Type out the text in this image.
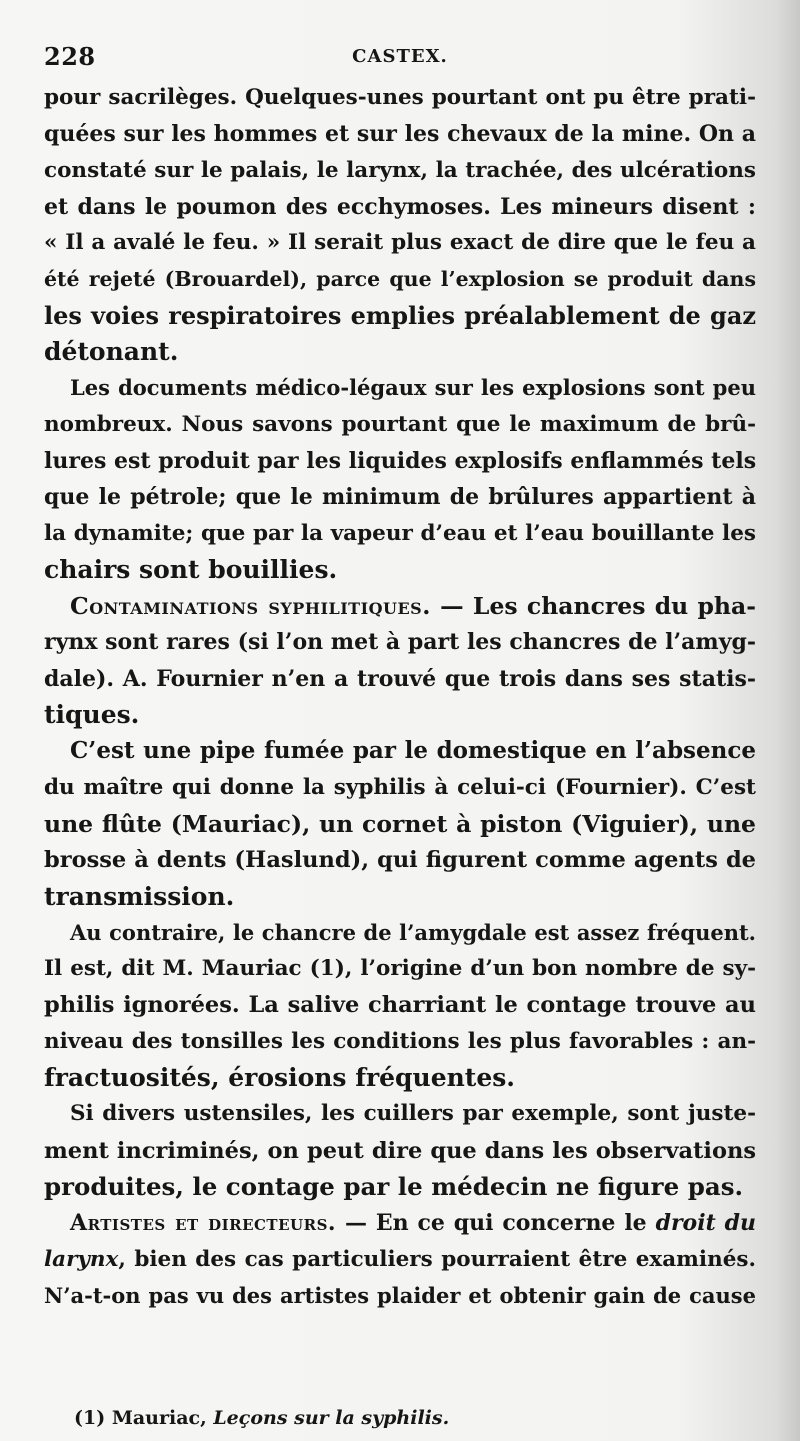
228	CASTEX.
pour sacrilèges. Quelques-unes pourtant ont pu être prati-
quées sur les hommes et sur les chevaux de la mine. On a
constaté sur le palais, le larynx, la trachée, des ulcérations
et dans le poumon des ecchymoses. Les mineurs disent :
« Il a avalé le feu. » Il serait plus exact de dire que le feu a
été rejeté (Brouardel), parce que l’explosion se produit dans
les voies respiratoires emplies préalablement de gaz
détonant.
Les documents médico-légaux sur les explosions sont peu
nombreux. Nous savons pourtant que le maximum de brû-
lures est produit par les liquides explosifs enflammés tels
que le pétrole; que le minimum de brûlures appartient à
la dynamite; que par la vapeur d’eau et l’eau bouillante les
chairs sont bouillies.
Contaminations syphilitiques. — Les chancres du pha-
rynx sont rares (si l’on met à part les chancres de l’amyg-
dale). A. Fournier n’en a trouvé que trois dans ses statis-
tiques.
C’est une pipe fumée par le domestique en l’absence
du maître qui donne la syphilis à celui-ci (Fournier). C’est
une flûte (Mauriac), un cornet à piston (Viguier), une
brosse à dents (Haslund), qui figurent comme agents de
transmission.
Au contraire, le chancre de l’amygdale est assez fréquent.
Il est, dit M. Mauriac (1), l’origine d’un bon nombre de sy-
philis ignorées. La salive charriant le contage trouve au
niveau des tonsilles les conditions les plus favorables : an-
fractuosités, érosions fréquentes.
Si divers ustensiles, les cuillers par exemple, sont juste-
ment incriminés, on peut dire que dans les observations
produites, le contage par le médecin ne figure pas.
Artistes et directeurs. — En ce qui concerne le droit du
larynx, bien des cas particuliers pourraient être examinés.
N’a-t-on pas vu des artistes plaider et obtenir gain de cause
(1) Mauriac, Leçons sur la syphilis.
